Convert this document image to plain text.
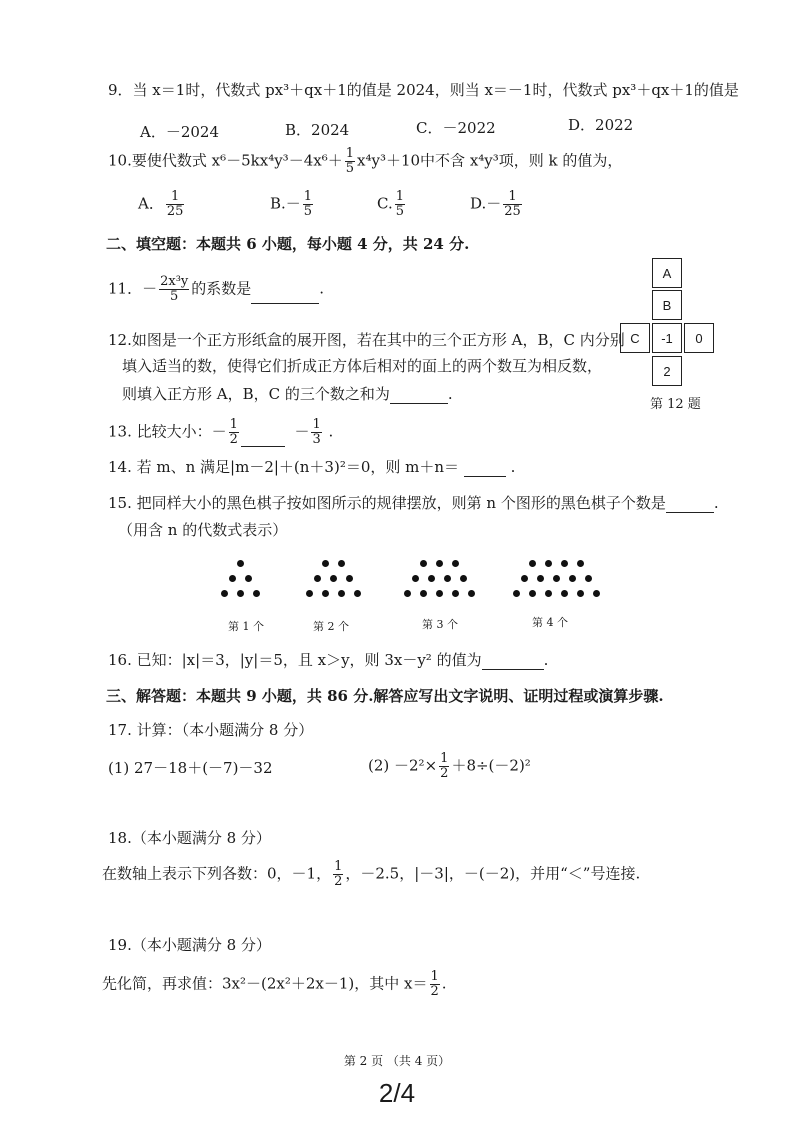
9．当 x＝1时，代数式 px³＋qx＋1的值是 2024，则当 x＝－1时，代数式 px³＋qx＋1的值是
A．－2024	B．2024	C．－2022	D．2022
10.要使代数式 $x^6-5kx^4y^3-4x^6+ \frac{1}{5} x^4y^3+10$中不含 x⁴y³项，则 k 的值为，
A． $\frac{1}{25}$	$B.- \frac{1}{5}$	C. $\frac{1}{5}$	$D.- \frac{1}{25}$
二、填空题：本题共 6 小题，每小题 4 分，共 24 分.
11．－ $\frac{\text{2x³y}}{5}$ 的系数是	.
12.如图是一个正方形纸盒的展开图，若在其中的三个正方形 A，B，C 内分别
填入适当的数，使得它们折成正方体后相对的面上的两个数互为相反数，
则填入正方形 A，B，C 的三个数之和为	.
A
B
C	-1	0
2
第 12 题
13. 比较大小：－ $\frac{1}{2}$	－ $\frac{1}{3}$ .
14. 若 m、n 满足|m－2|＋(n＋3)²＝0，则 m＋n＝	.
15. 把同样大小的黑色棋子按如图所示的规律摆放，则第 n 个图形的黑色棋子个数是	.
（用含 n 的代数式表示）
第 1 个	第 2 个	第 3 个	第 4 个
16. 已知：|x|＝3，|y|＝5，且 x＞y，则 3x－y² 的值为	.
三、解答题：本题共 9 小题，共 86 分.解答应写出文字说明、证明过程或演算步骤.
17. 计算：（本小题满分 8 分）
(1) 27－18＋(－7)－32	$(2) -2^2\times \frac{1}{2} +8\div(-2)^2$
18.（本小题满分 8 分）
在数轴上表示下列各数：0，－1， $\frac{1}{2}$ ，－2.5，|－3|，－(－2)，并用“＜”号连接.
19.（本小题满分 8 分）
先化简，再求值：3x²－(2x²＋2x－1)，其中 $x= \frac{1}{2}$ .
第 2 页 （共 4 页）
2/4
